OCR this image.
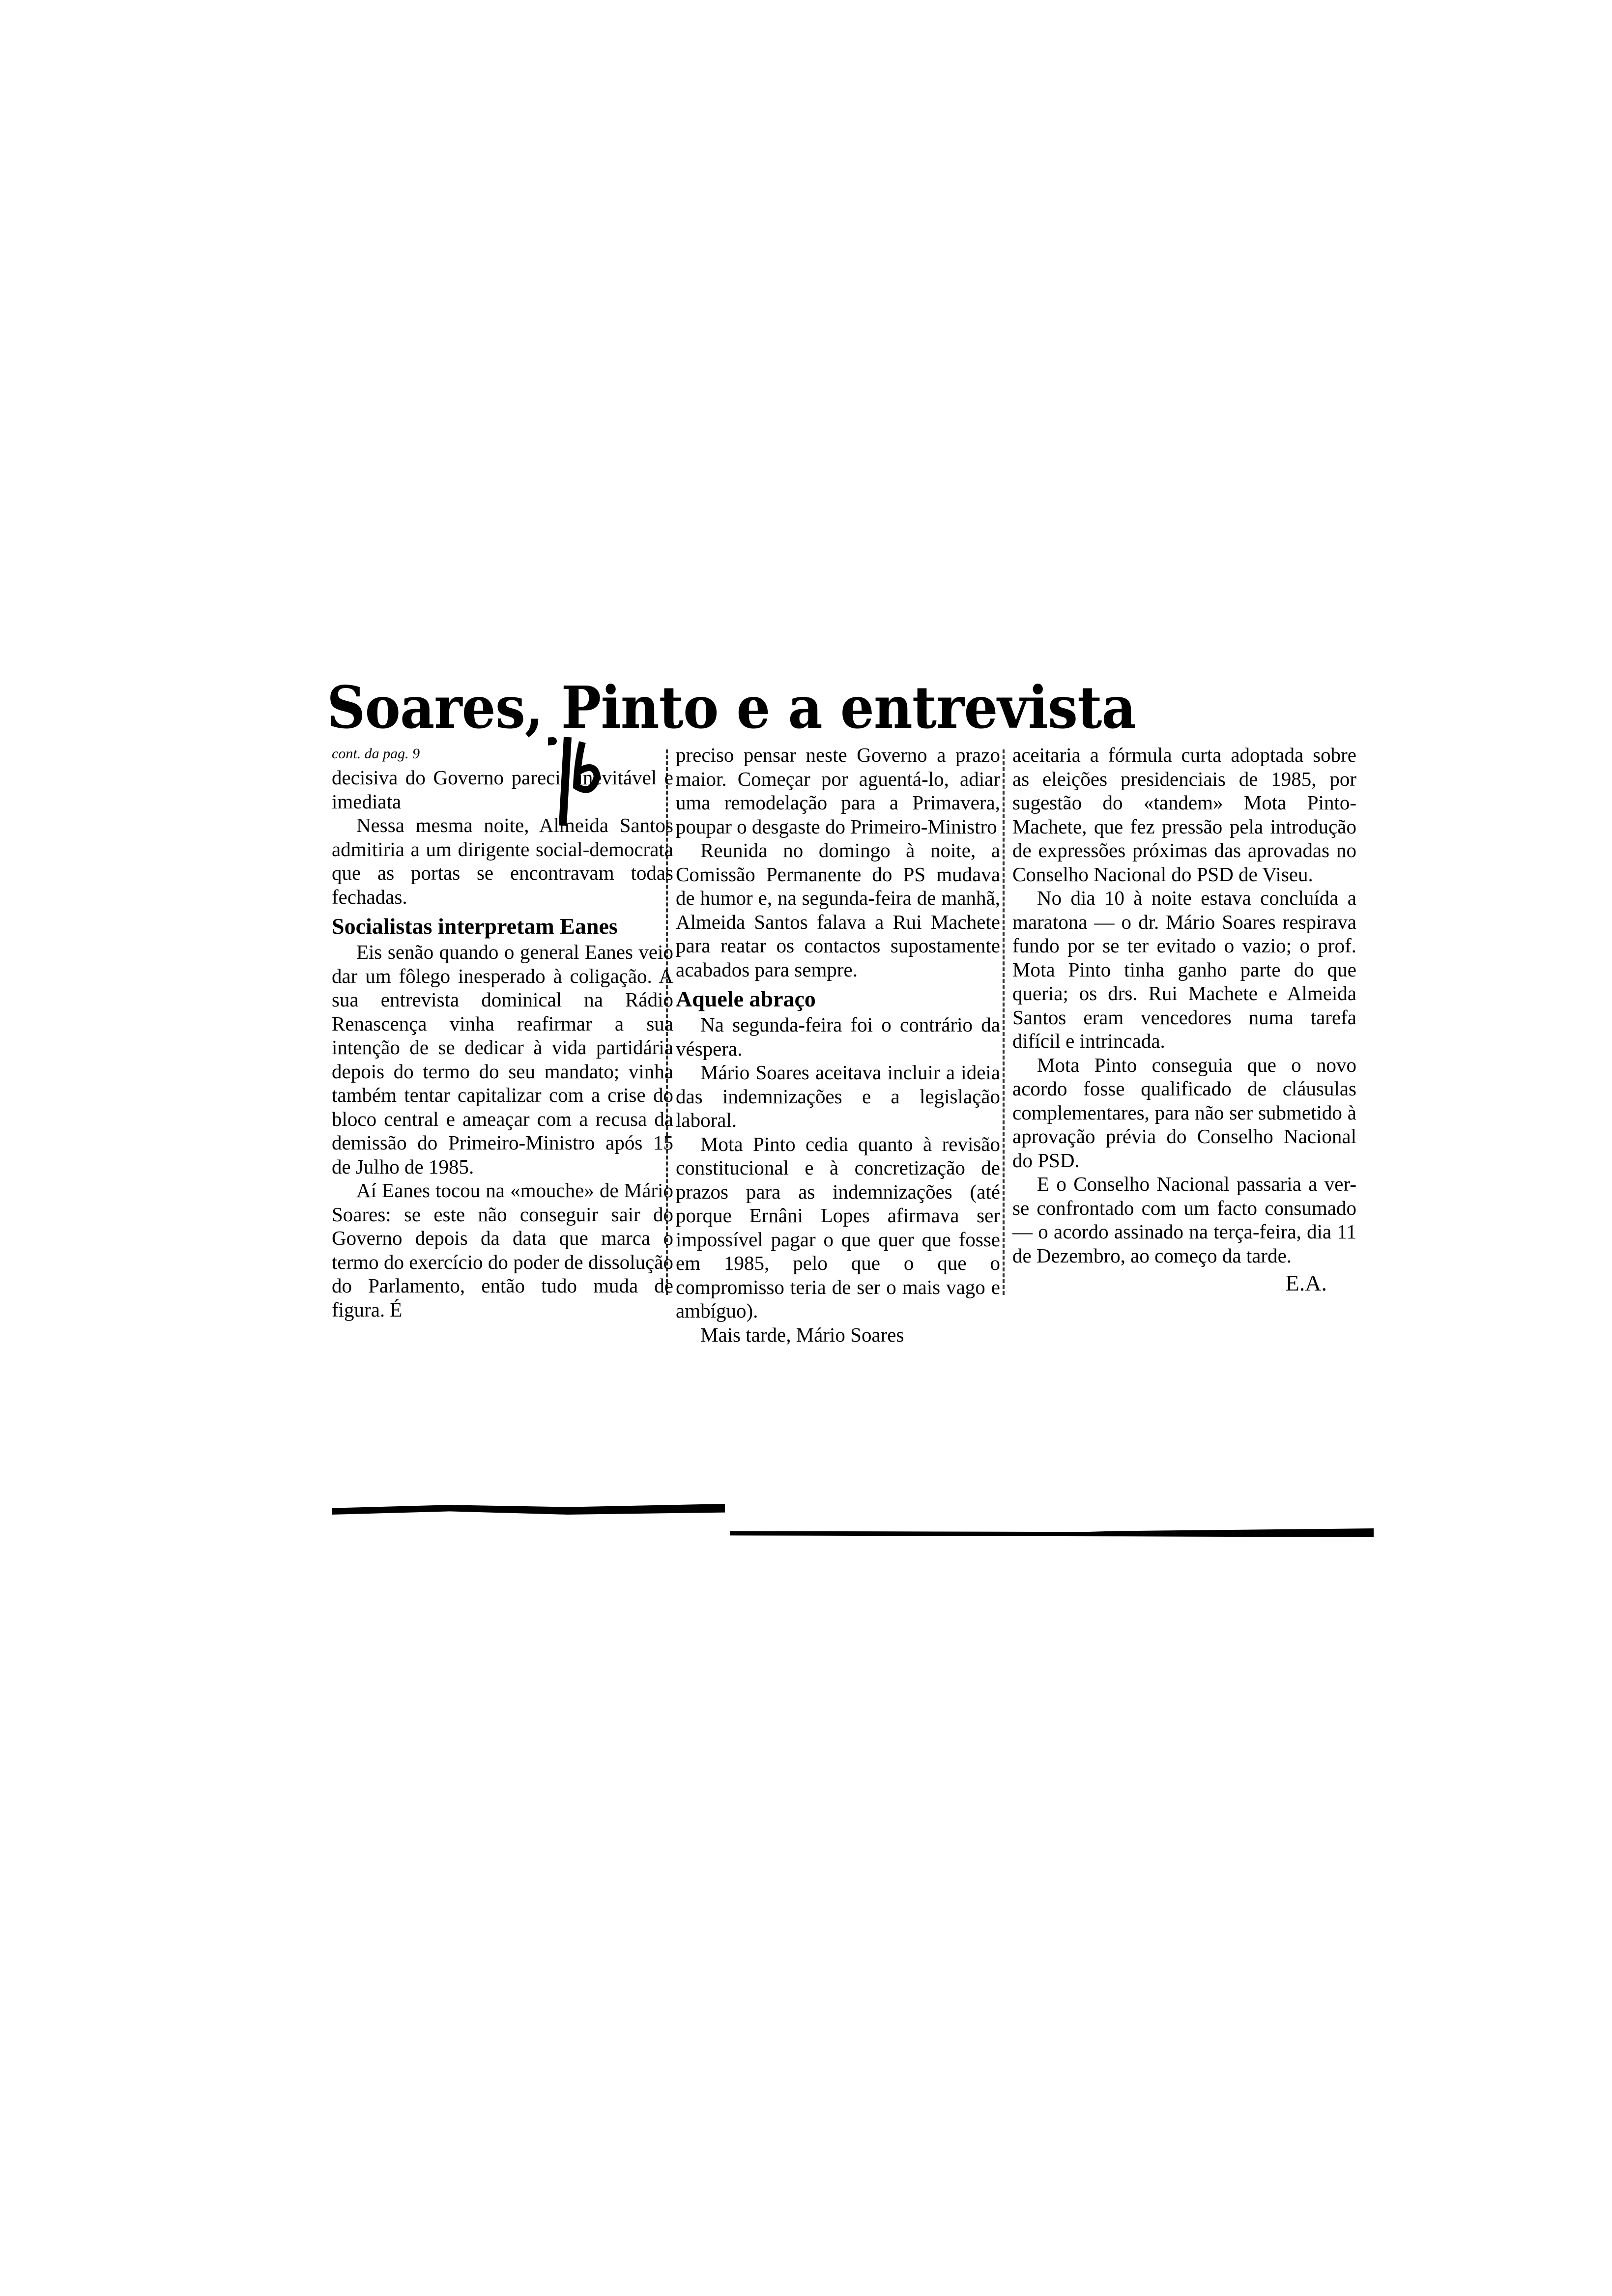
Soares, Pinto e a entrevista
cont. da pag. 9

decisiva do Governo parecia inevitável e imediata

Nessa mesma noite, Almeida Santos admitiria a um dirigente social-democrata que as portas se encontravam todas fechadas.

Socialistas interpretam Eanes

Eis senão quando o general Eanes veio dar um fôlego inesperado à coligação. A sua entrevista dominical na Rádio Renascença vinha reafirmar a sua intenção de se dedicar à vida partidária depois do termo do seu mandato; vinha também tentar capitalizar com a crise do bloco central e ameaçar com a recusa da demissão do Primeiro-Ministro após 15 de Julho de 1985.

Aí Eanes tocou na «mouche» de Mário Soares: se este não conseguir sair do Governo depois da data que marca o termo do exercício do poder de dissolução do Parlamento, então tudo muda de figura. É

preciso pensar neste Governo a prazo maior. Começar por aguentá-lo, adiar uma remodelação para a Primavera, poupar o desgaste do Primeiro-Ministro

Reunida no domingo à noite, a Comissão Permanente do PS mudava de humor e, na segunda-feira de manhã, Almeida Santos falava a Rui Machete para reatar os contactos supostamente acabados para sempre.

Aquele abraço

Na segunda-feira foi o contrário da véspera.

Mário Soares aceitava incluir a ideia das indemnizações e a legislação laboral.

Mota Pinto cedia quanto à revisão constitucional e à concretização de prazos para as indemnizações (até porque Ernâni Lopes afirmava ser impossível pagar o que quer que fosse em 1985, pelo que o que o compromisso teria de ser o mais vago e ambíguo).

Mais tarde, Mário Soares

aceitaria a fórmula curta adoptada sobre as eleições presidenciais de 1985, por sugestão do «tandem» Mota Pinto-Machete, que fez pressão pela introdução de expressões próximas das aprovadas no Conselho Nacional do PSD de Viseu.

No dia 10 à noite estava concluída a maratona — o dr. Mário Soares respirava fundo por se ter evitado o vazio; o prof. Mota Pinto tinha ganho parte do que queria; os drs. Rui Machete e Almeida Santos eram vencedores numa tarefa difícil e intrincada.

Mota Pinto conseguia que o novo acordo fosse qualificado de cláusulas complementares, para não ser submetido à aprovação prévia do Conselho Nacional do PSD.

E o Conselho Nacional passaria a ver-se confrontado com um facto consumado — o acordo assinado na terça-feira, dia 11 de Dezembro, ao começo da tarde.

E.A.
